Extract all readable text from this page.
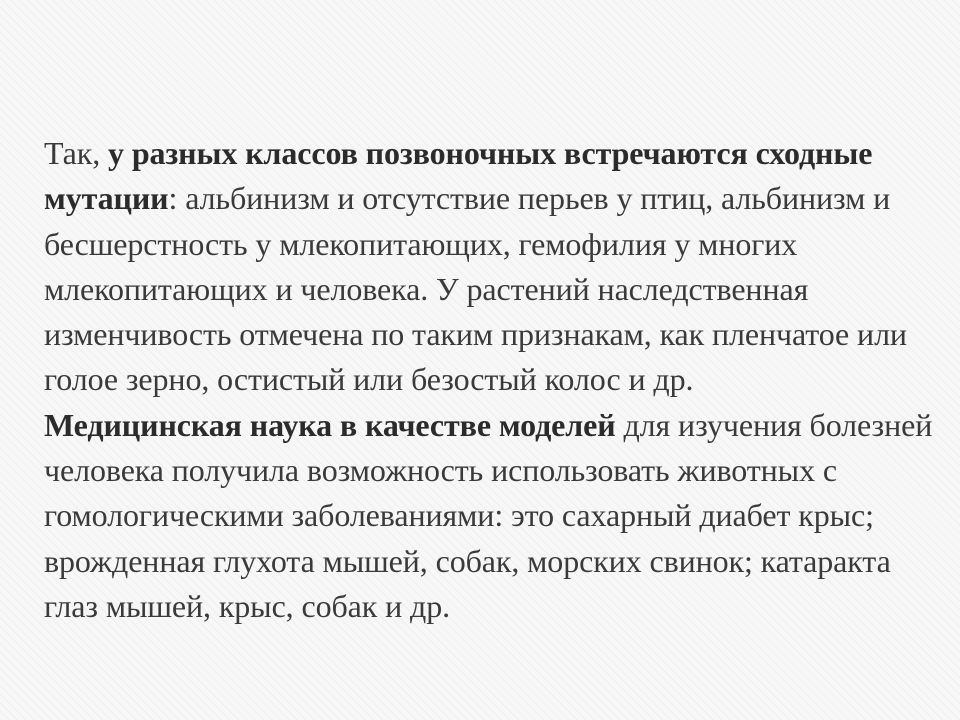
Так, у разных классов позвоночных встречаются сходные мутации: альбинизм и отсутствие перьев у птиц, альбинизм и бесшерстность у млекопитающих, гемофилия у многих млекопитающих и человека. У растений наследственная изменчивость отмечена по таким признакам, как пленчатое или голое зерно, остистый или безостый колос и др.

Медицинская наука в качестве моделей для изучения болезней человека получила возможность использовать животных с гомологическими заболеваниями: это сахарный диабет крыс; врожденная глухота мышей, собак, морских свинок; катаракта глаз мышей, крыс, собак и др.
